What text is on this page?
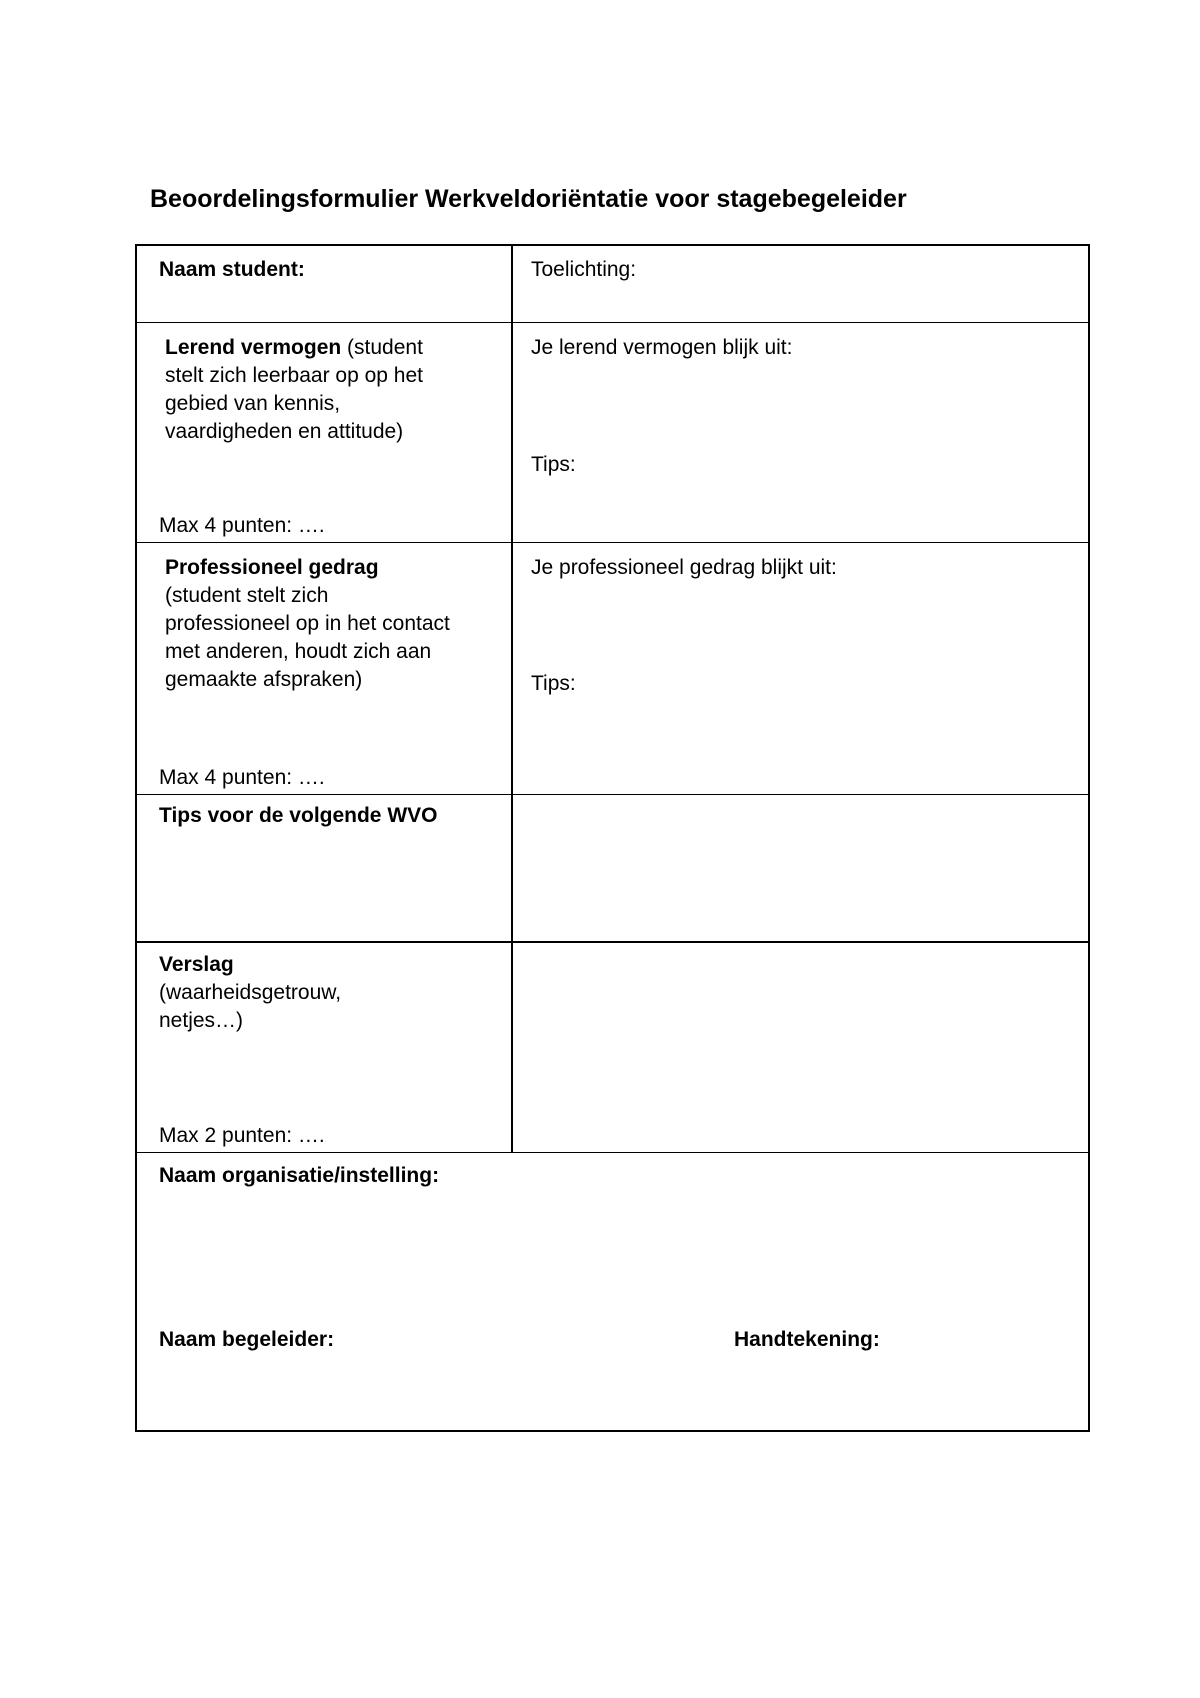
Beoordelingsformulier Werkveldoriëntatie voor stagebegeleider
Naam student:	Toelichting:
Lerend vermogen (student
stelt zich leerbaar op op het
gebied van kennis,
vaardigheden en attitude)
Max 4 punten: ….
Je lerend vermogen blijk uit:
Tips:
Professioneel gedrag
(student stelt zich
professioneel op in het contact
met anderen, houdt zich aan
gemaakte afspraken)
Max 4 punten: ….
Je professioneel gedrag blijkt uit:
Tips:
Tips voor de volgende WVO
Verslag
(waarheidsgetrouw,
netjes…)
Max 2 punten: ….
Naam organisatie/instelling:
Naam begeleider:	Handtekening:
